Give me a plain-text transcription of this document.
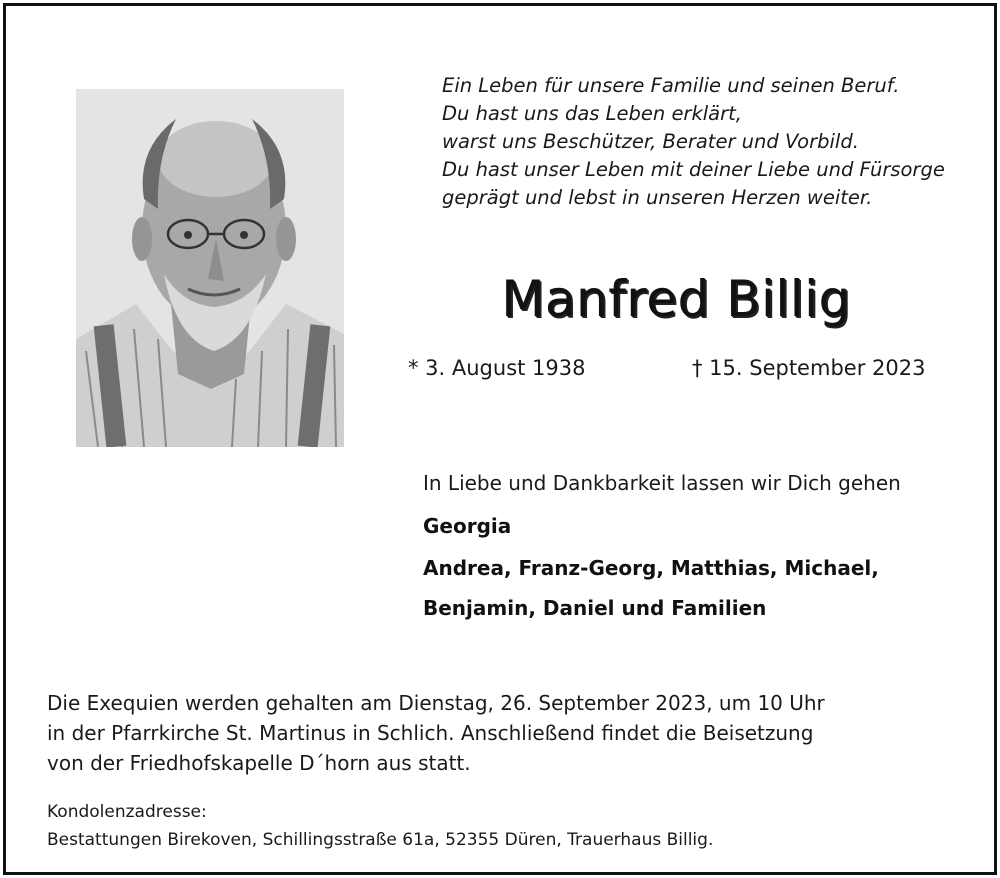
Ein Leben für unsere Familie und seinen Beruf.
Du hast uns das Leben erklärt,
warst uns Beschützer, Berater und Vorbild.
Du hast unser Leben mit deiner Liebe und Fürsorge
geprägt und lebst in unseren Herzen weiter.
Manfred Billig
* 3. August 1938	† 15. September 2023
In Liebe und Dankbarkeit lassen wir Dich gehen
Georgia
Andrea, Franz-Georg, Matthias, Michael,
Benjamin, Daniel und Familien
Die Exequien werden gehalten am Dienstag, 26. September 2023, um 10 Uhr
in der Pfarrkirche St. Martinus in Schlich. Anschließend findet die Beisetzung
von der Friedhofskapelle D´horn aus statt.
Kondolenzadresse:
Bestattungen Birekoven, Schillingsstraße 61a, 52355 Düren, Trauerhaus Billig.
